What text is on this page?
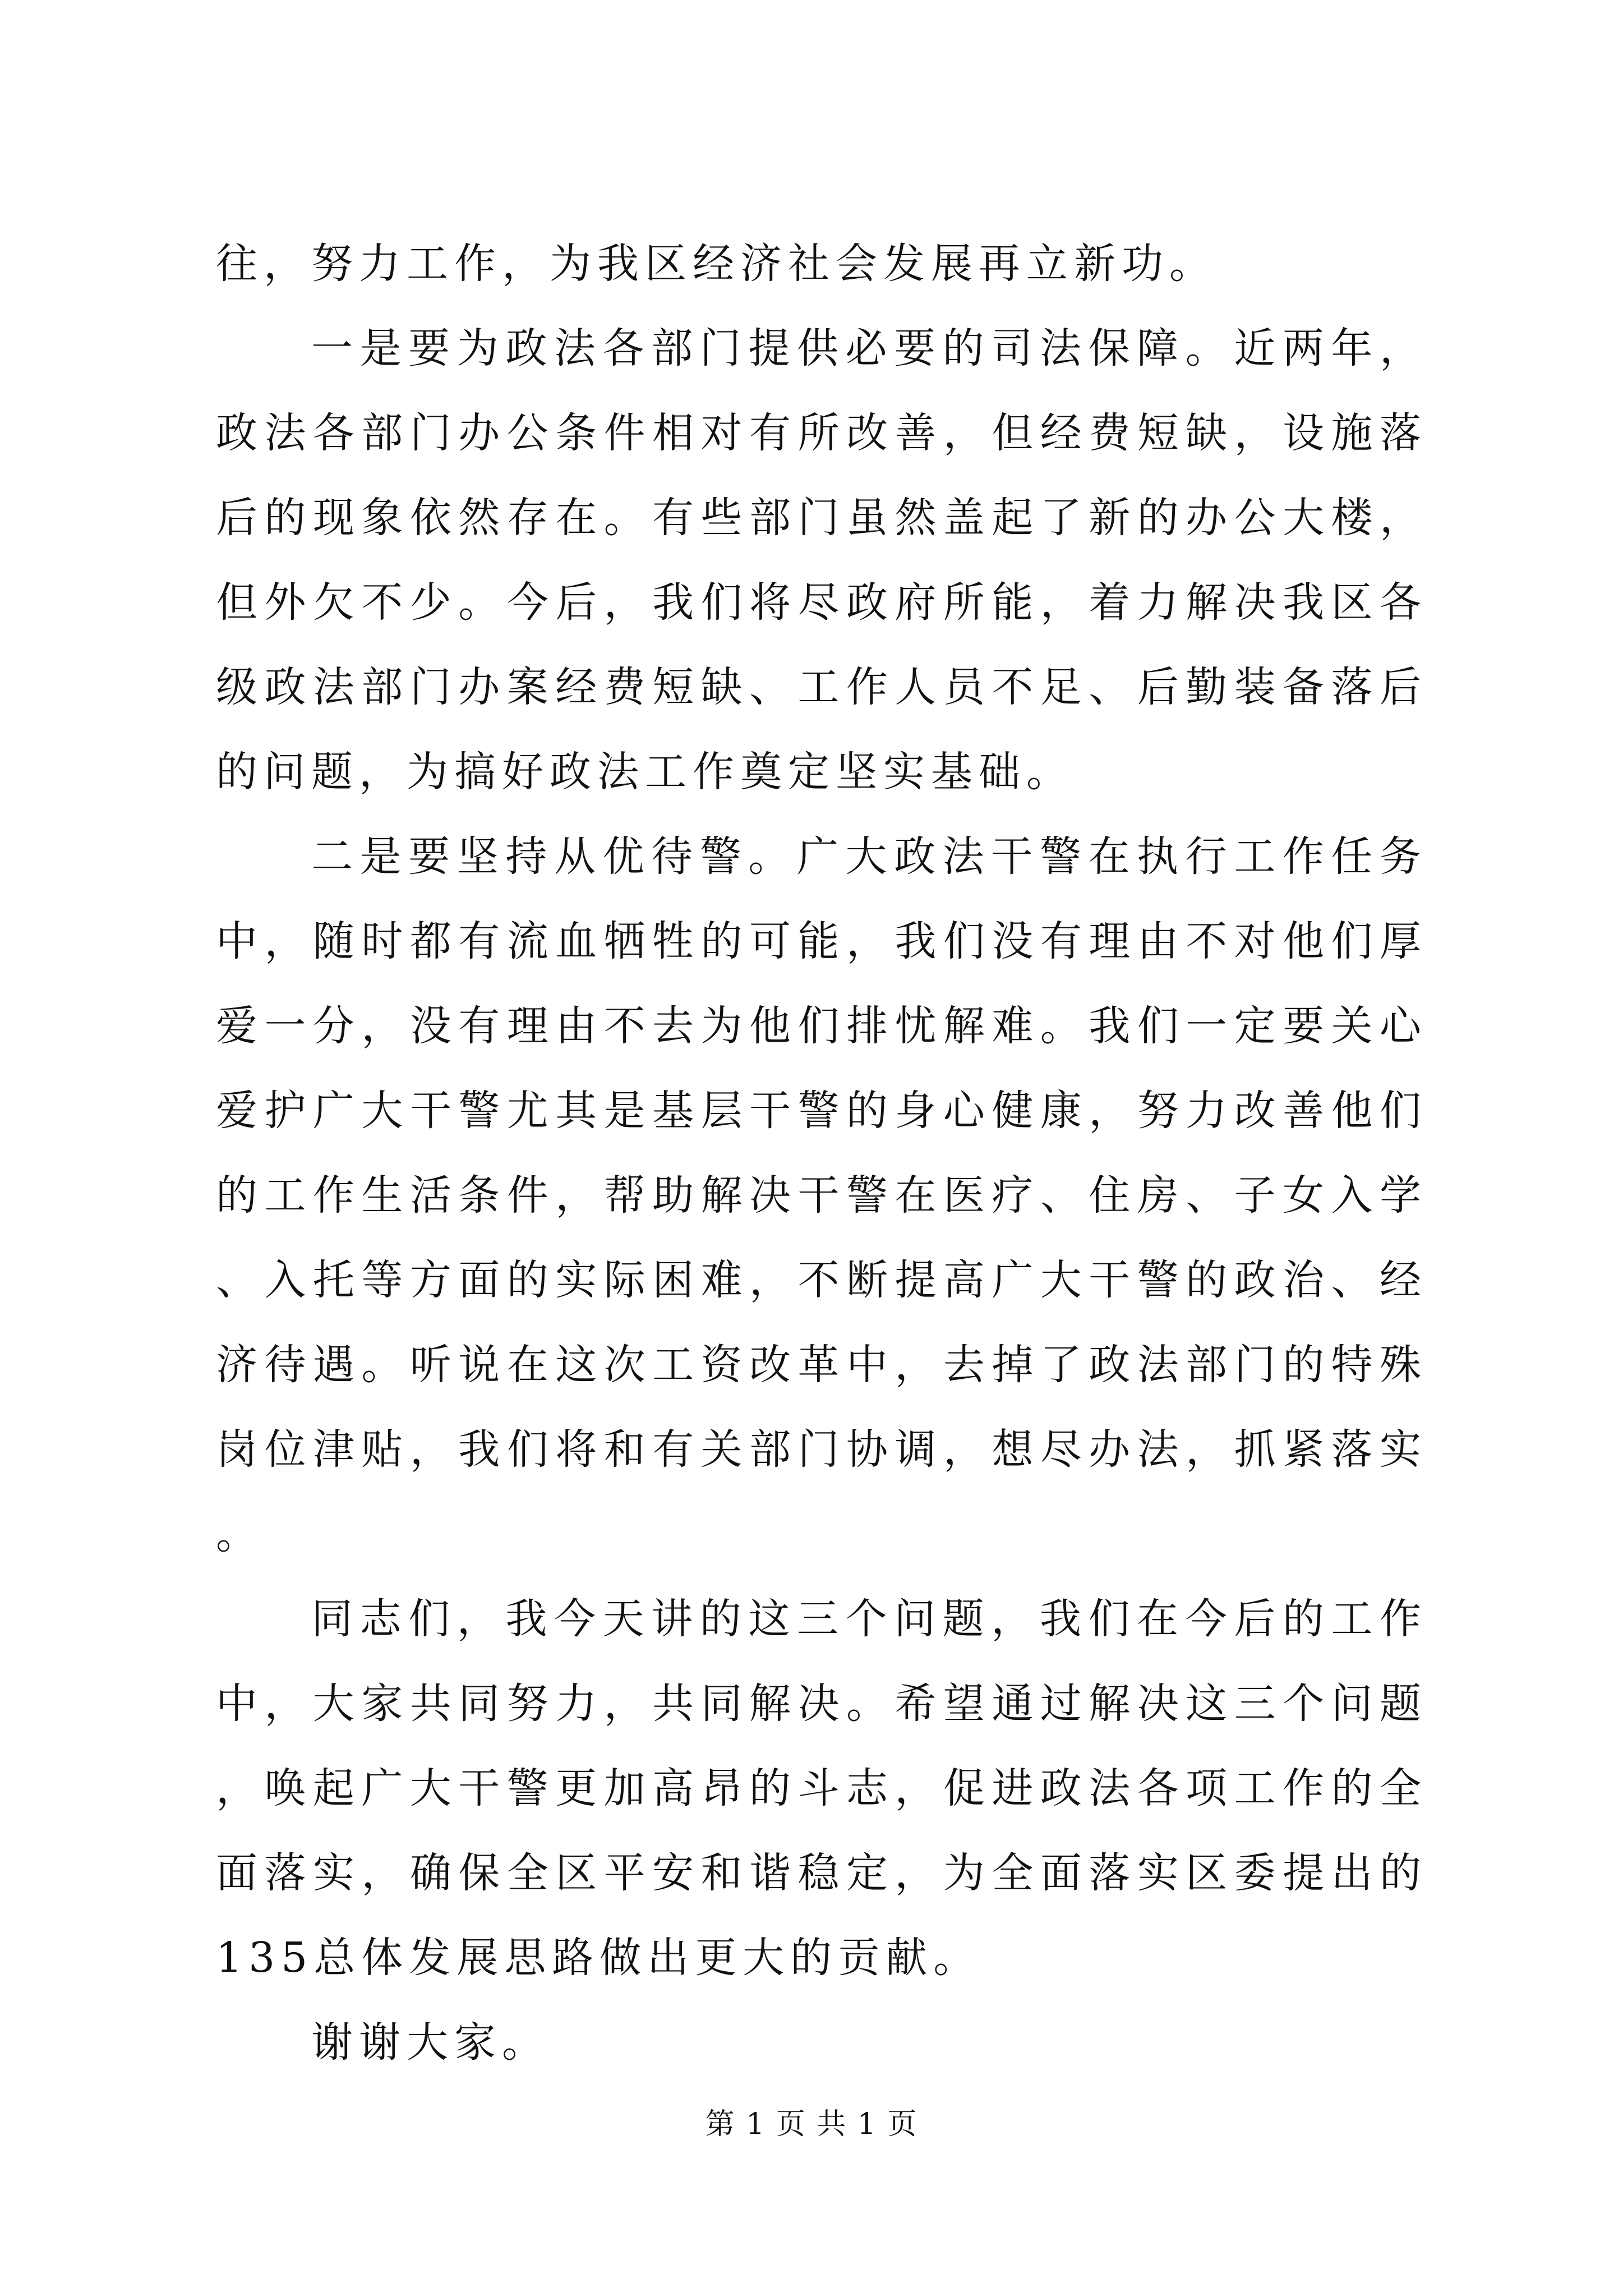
往，努力工作，为我区经济社会发展再立新功。

一是要为政法各部门提供必要的司法保障。近两年，政法各部门办公条件相对有所改善，但经费短缺，设施落后的现象依然存在。有些部门虽然盖起了新的办公大楼，但外欠不少。今后，我们将尽政府所能，着力解决我区各级政法部门办案经费短缺、工作人员不足、后勤装备落后的问题，为搞好政法工作奠定坚实基础。

二是要坚持从优待警。广大政法干警在执行工作任务中，随时都有流血牺牲的可能，我们没有理由不对他们厚爱一分，没有理由不去为他们排忧解难。我们一定要关心爱护广大干警尤其是基层干警的身心健康，努力改善他们的工作生活条件，帮助解决干警在医疗、住房、子女入学、入托等方面的实际困难，不断提高广大干警的政治、经济待遇。听说在这次工资改革中，去掉了政法部门的特殊岗位津贴，我们将和有关部门协调，想尽办法，抓紧落实。

同志们，我今天讲的这三个问题，我们在今后的工作中，大家共同努力，共同解决。希望通过解决这三个问题，唤起广大干警更加高昂的斗志，促进政法各项工作的全面落实，确保全区平安和谐稳定，为全面落实区委提出的135总体发展思路做出更大的贡献。

谢谢大家。

第 1 页 共 1 页
